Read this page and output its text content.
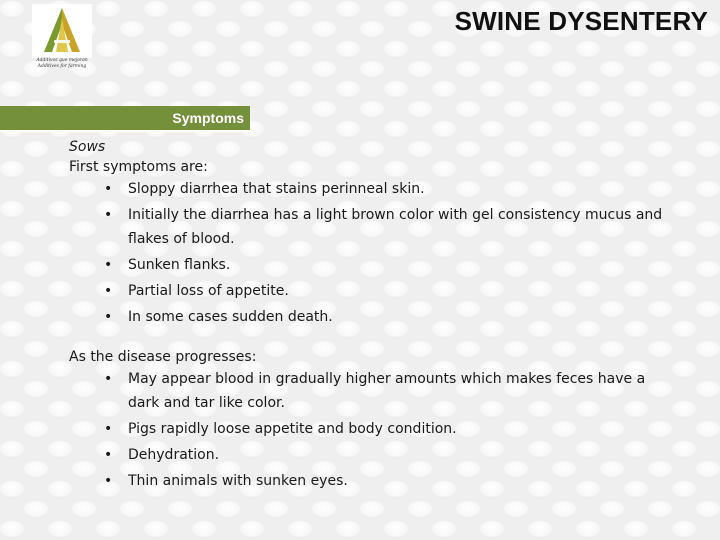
Additivos que mejoran
Additives for farming
SWINE DYSENTERY
Symptoms
Sows
First symptoms are:
• Sloppy diarrhea that stains perinneal skin.
• Initially the diarrhea has a light brown color with gel consistency mucus and flakes of blood.
• Sunken flanks.
• Partial loss of appetite.
• In some cases sudden death.
As the disease progresses:
• May appear blood in gradually higher amounts which makes feces have a dark and tar like color.
• Pigs rapidly loose appetite and body condition.
• Dehydration.
• Thin animals with sunken eyes.
